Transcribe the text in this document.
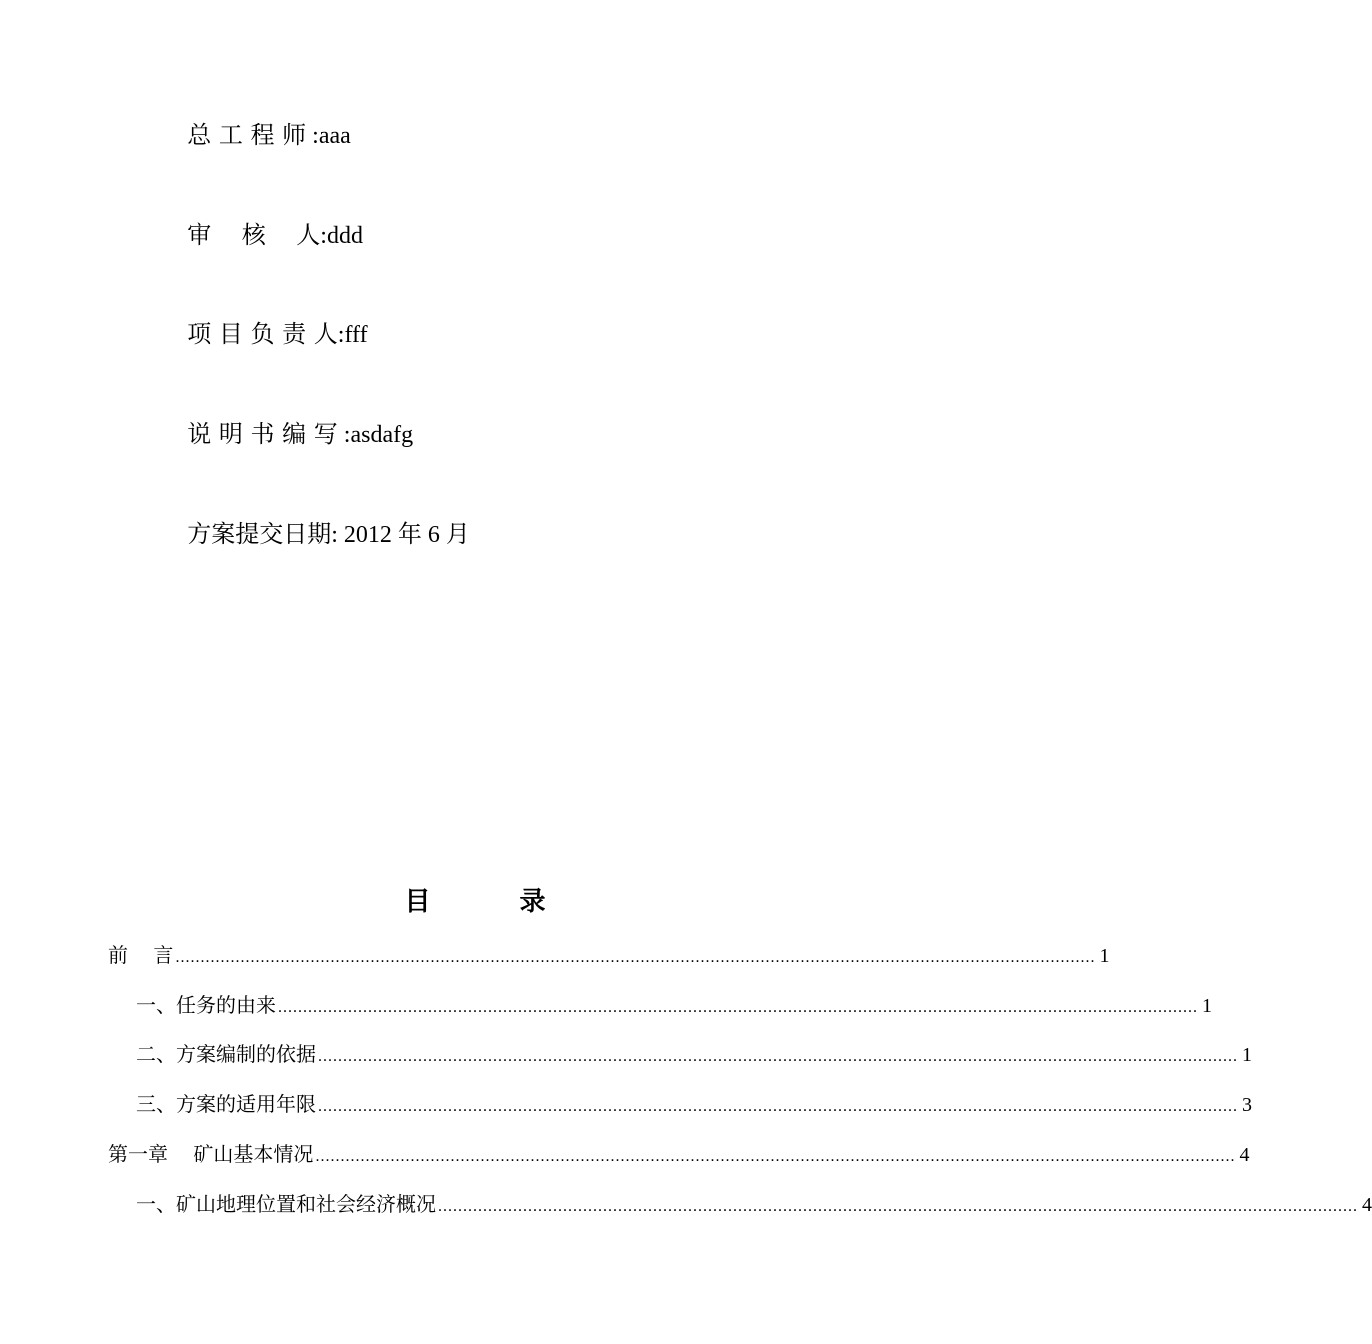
总 工 程 师 :aaa

审    核    人:ddd

项 目 负 责 人:fff

说 明 书 编 写 :asdafg

方案提交日期: 2012 年 6 月

目 录
前    言 ........................................................................................................................................................................................ 1
一、任务的由来 ........................................................................................................................................................................................ 1
二、方案编制的依据 ........................................................................................................................................................................................ 1
三、方案的适用年限 ........................................................................................................................................................................................ 3
第一章    矿山基本情况 ........................................................................................................................................................................................ 4
一、矿山地理位置和社会经济概况 ........................................................................................................................................................................................ 4
